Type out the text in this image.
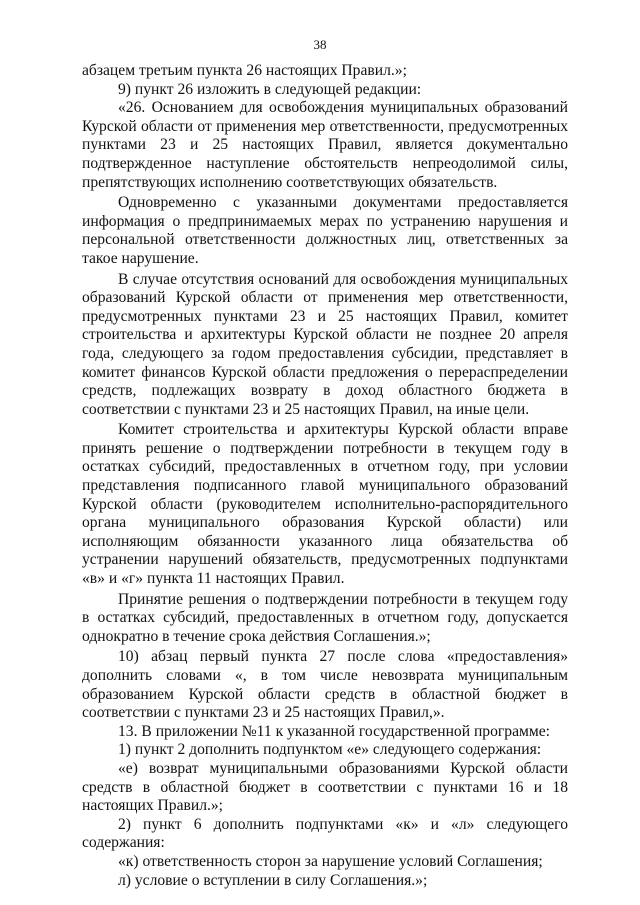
38

абзацем третьим пункта 26 настоящих Правил.»;

9) пункт 26 изложить в следующей редакции:

«26. Основанием для освобождения муниципальных образований Курской области от применения мер ответственности, предусмотренных пунктами 23 и 25 настоящих Правил, является документально подтвержденное наступление обстоятельств непреодолимой силы, препятствующих исполнению соответствующих обязательств.

Одновременно с указанными документами предоставляется информация о предпринимаемых мерах по устранению нарушения и персональной ответственности должностных лиц, ответственных за такое нарушение.

В случае отсутствия оснований для освобождения муниципальных образований Курской области от применения мер ответственности, предусмотренных пунктами 23 и 25 настоящих Правил, комитет строительства и архитектуры Курской области не позднее 20 апреля года, следующего за годом предоставления субсидии, представляет в комитет финансов Курской области предложения о перераспределении средств, подлежащих возврату в доход областного бюджета в соответствии с пунктами 23 и 25 настоящих Правил, на иные цели.

Комитет строительства и архитектуры Курской области вправе принять решение о подтверждении потребности в текущем году в остатках субсидий, предоставленных в отчетном году, при условии представления подписанного главой муниципального образований Курской области (руководителем исполнительно-распорядительного органа муниципального образования Курской области) или исполняющим обязанности указанного лица обязательства об устранении нарушений обязательств, предусмотренных подпунктами «в» и «г» пункта 11 настоящих Правил.

Принятие решения о подтверждении потребности в текущем году в остатках субсидий, предоставленных в отчетном году, допускается однократно в течение срока действия Соглашения.»;

10) абзац первый пункта 27 после слова «предоставления» дополнить словами «, в том числе невозврата муниципальным образованием Курской области средств в областной бюджет в соответствии с пунктами 23 и 25 настоящих Правил,».

13. В приложении №11 к указанной государственной программе:

1) пункт 2 дополнить подпунктом «е» следующего содержания:

«е) возврат муниципальными образованиями Курской области средств в областной бюджет в соответствии с пунктами 16 и 18 настоящих Правил.»;

2) пункт 6 дополнить подпунктами «к» и «л» следующего содержания:

«к) ответственность сторон за нарушение условий Соглашения;

л) условие о вступлении в силу Соглашения.»;
